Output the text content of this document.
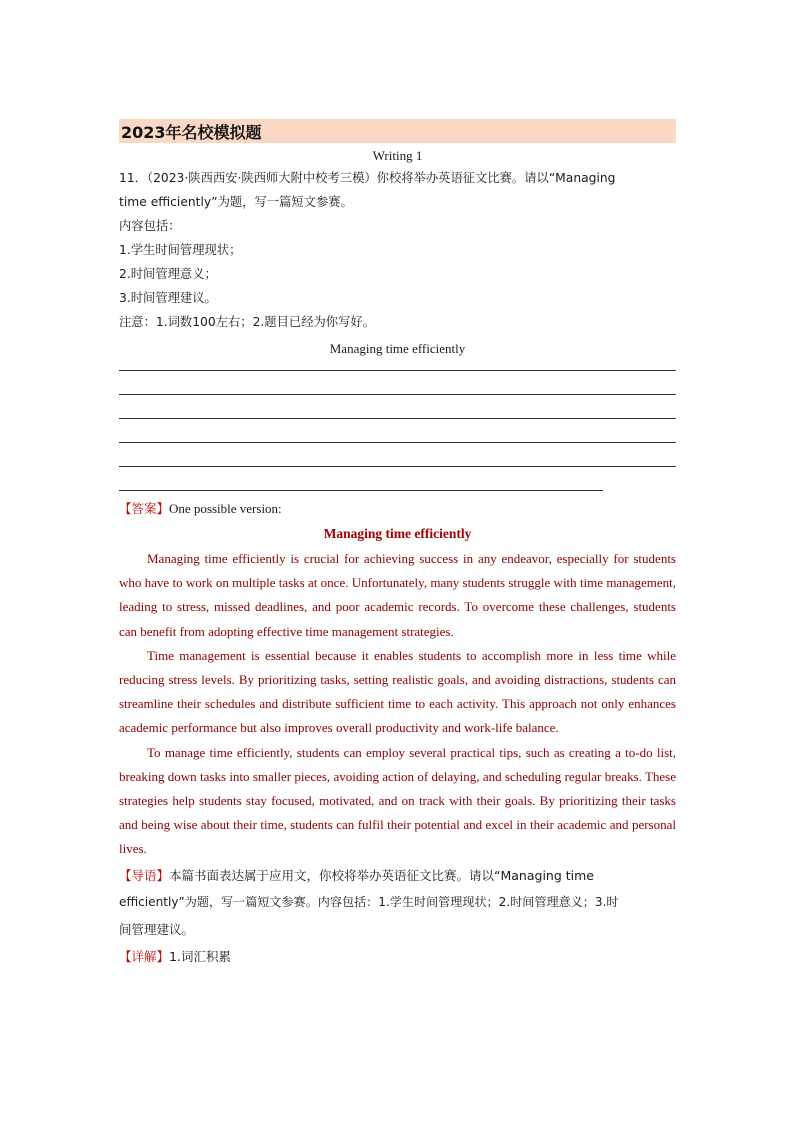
2023年名校模拟题
Writing 1
11．（2023·陕西西安·陕西师大附中校考三模）你校将举办英语征文比赛。请以“Managing
time efficiently”为题，写一篇短文参赛。
内容包括：
1.学生时间管理现状；
2.时间管理意义；
3.时间管理建议。
注意：1.词数100左右；2.题目已经为你写好。
Managing time efficiently
【答案】One possible version:
Managing time efficiently

Managing time efficiently is crucial for achieving success in any endeavor, especially for students who have to work on multiple tasks at once. Unfortunately, many students struggle with time management, leading to stress, missed deadlines, and poor academic records. To overcome these challenges, students can benefit from adopting effective time management strategies.

Time management is essential because it enables students to accomplish more in less time while reducing stress levels. By prioritizing tasks, setting realistic goals, and avoiding distractions, students can streamline their schedules and distribute sufficient time to each activity. This approach not only enhances academic performance but also improves overall productivity and work-life balance.

To manage time efficiently, students can employ several practical tips, such as creating a to-do list, breaking down tasks into smaller pieces, avoiding action of delaying, and scheduling regular breaks. These strategies help students stay focused, motivated, and on track with their goals. By prioritizing their tasks and being wise about their time, students can fulfil their potential and excel in their academic and personal lives.

【导语】本篇书面表达属于应用文，你校将举办英语征文比赛。请以“Managing time
efficiently”为题，写一篇短文参赛。内容包括：1.学生时间管理现状；2.时间管理意义；3.时
间管理建议。
【详解】1.词汇积累
